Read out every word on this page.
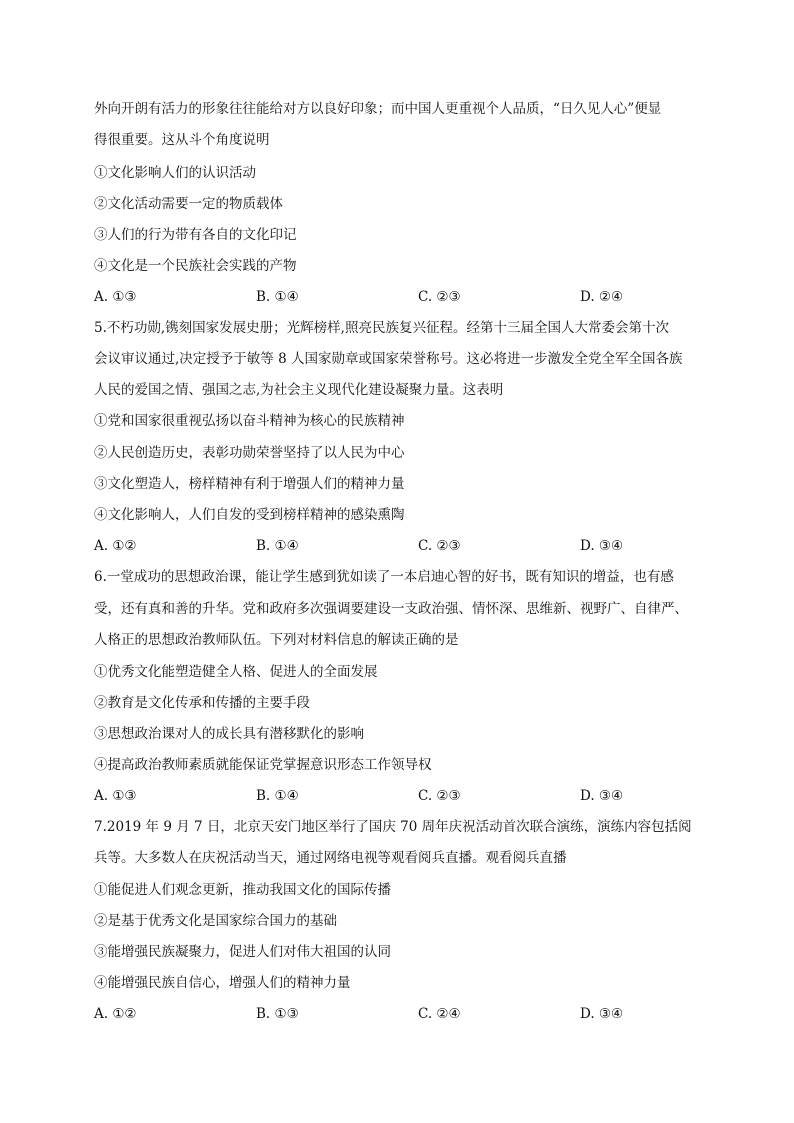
外向开朗有活力的形象往往能给对方以良好印象；而中国人更重视个人品质，“日久见人心”便显
得很重要。这从斗个角度说明
①文化影响人们的认识活动
②文化活动需要一定的物质载体
③人们的行为带有各自的文化印记
④文化是一个民族社会实践的产物
A. ①③	B. ①④	C. ②③	D. ②④
5.不朽功勋,镌刻国家发展史册；光辉榜样,照亮民族复兴征程。经第十三届全国人大常委会第十次
会议审议通过,决定授予于敏等 8 人国家勋章或国家荣誉称号。这必将进一步激发全党全军全国各族
人民的爱国之情、强国之志,为社会主义现代化建设凝聚力量。这表明
①党和国家很重视弘扬以奋斗精神为核心的民族精神
②人民创造历史，表彰功勋荣誉坚持了以人民为中心
③文化塑造人，榜样精神有利于增强人们的精神力量
④文化影响人，人们自发的受到榜样精神的感染熏陶
A. ①②	B. ①④	C. ②③	D. ③④
6.一堂成功的思想政治课，能让学生感到犹如读了一本启迪心智的好书，既有知识的增益，也有感
受，还有真和善的升华。党和政府多次强调要建设一支政治强、情怀深、思维新、视野广、自律严、
人格正的思想政治教师队伍。下列对材料信息的解读正确的是
①优秀文化能塑造健全人格、促进人的全面发展
②教育是文化传承和传播的主要手段
③思想政治课对人的成长具有潜移默化的影响
④提高政治教师素质就能保证党掌握意识形态工作领导权
A. ①③	B. ①④	C. ②③	D. ③④
7.2019 年 9 月 7 日，北京天安门地区举行了国庆 70 周年庆祝活动首次联合演练，演练内容包括阅
兵等。大多数人在庆祝活动当天，通过网络电视等观看阅兵直播。观看阅兵直播
①能促进人们观念更新，推动我国文化的国际传播
②是基于优秀文化是国家综合国力的基础
③能增强民族凝聚力，促进人们对伟大祖国的认同
④能增强民族自信心，增强人们的精神力量
A. ①②	B. ①③	C. ②④	D. ③④
